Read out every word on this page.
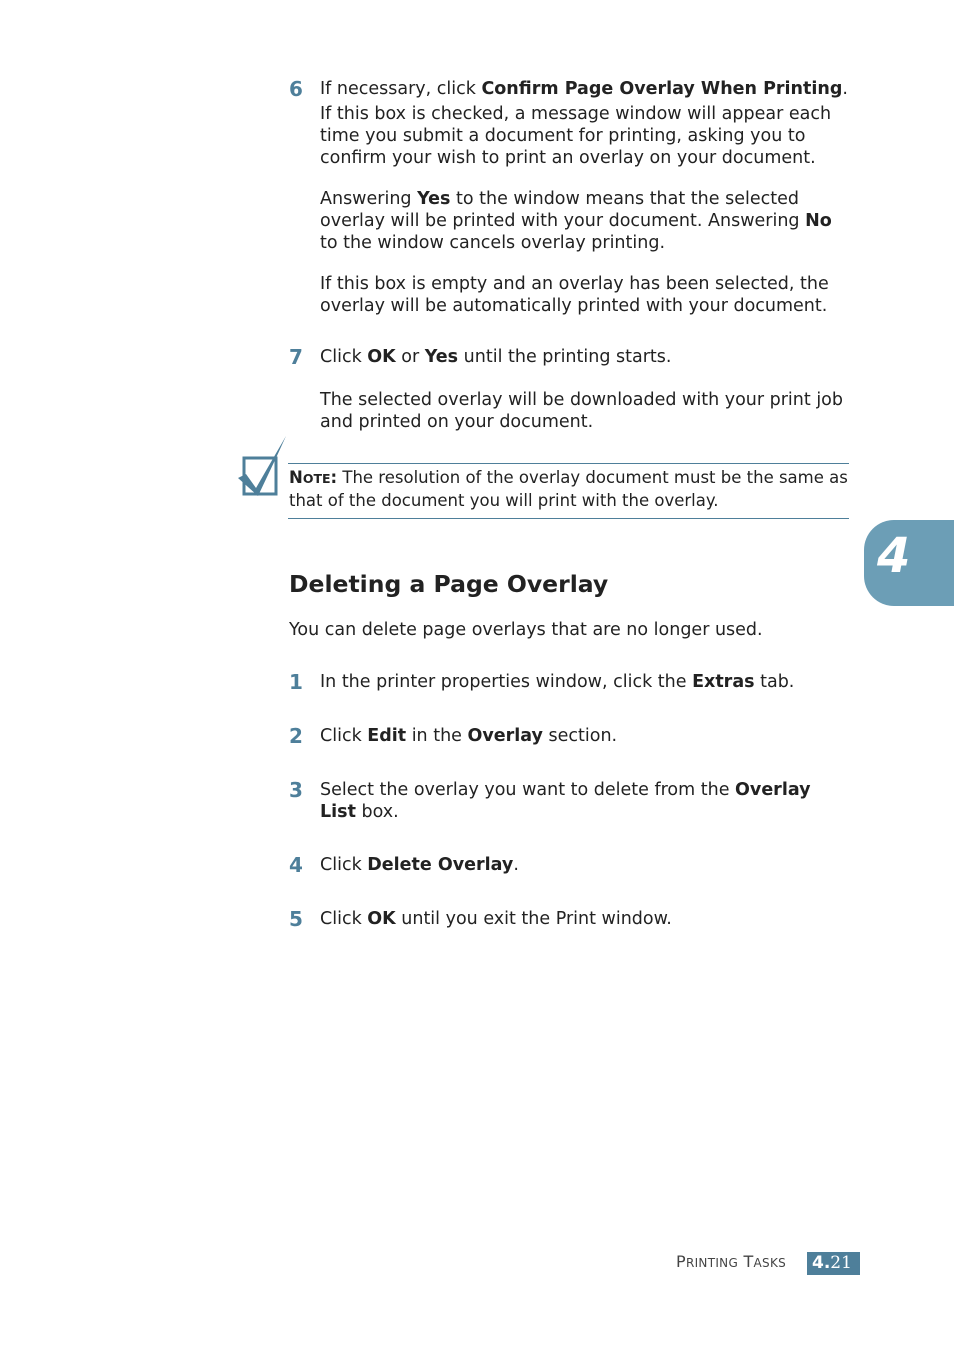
6 If necessary, click Confirm Page Overlay When Printing.
If this box is checked, a message window will appear each time you submit a document for printing, asking you to confirm your wish to print an overlay on your document.
Answering Yes to the window means that the selected overlay will be printed with your document. Answering No to the window cancels overlay printing.
If this box is empty and an overlay has been selected, the overlay will be automatically printed with your document.
7 Click OK or Yes until the printing starts.
The selected overlay will be downloaded with your print job and printed on your document.
NOTE: The resolution of the overlay document must be the same as that of the document you will print with the overlay.
Deleting a Page Overlay
You can delete page overlays that are no longer used.
1 In the printer properties window, click the Extras tab.
2 Click Edit in the Overlay section.
3 Select the overlay you want to delete from the Overlay List box.
4 Click Delete Overlay.
5 Click OK until you exit the Print window.
4
PRINTING TASKS 4.21
